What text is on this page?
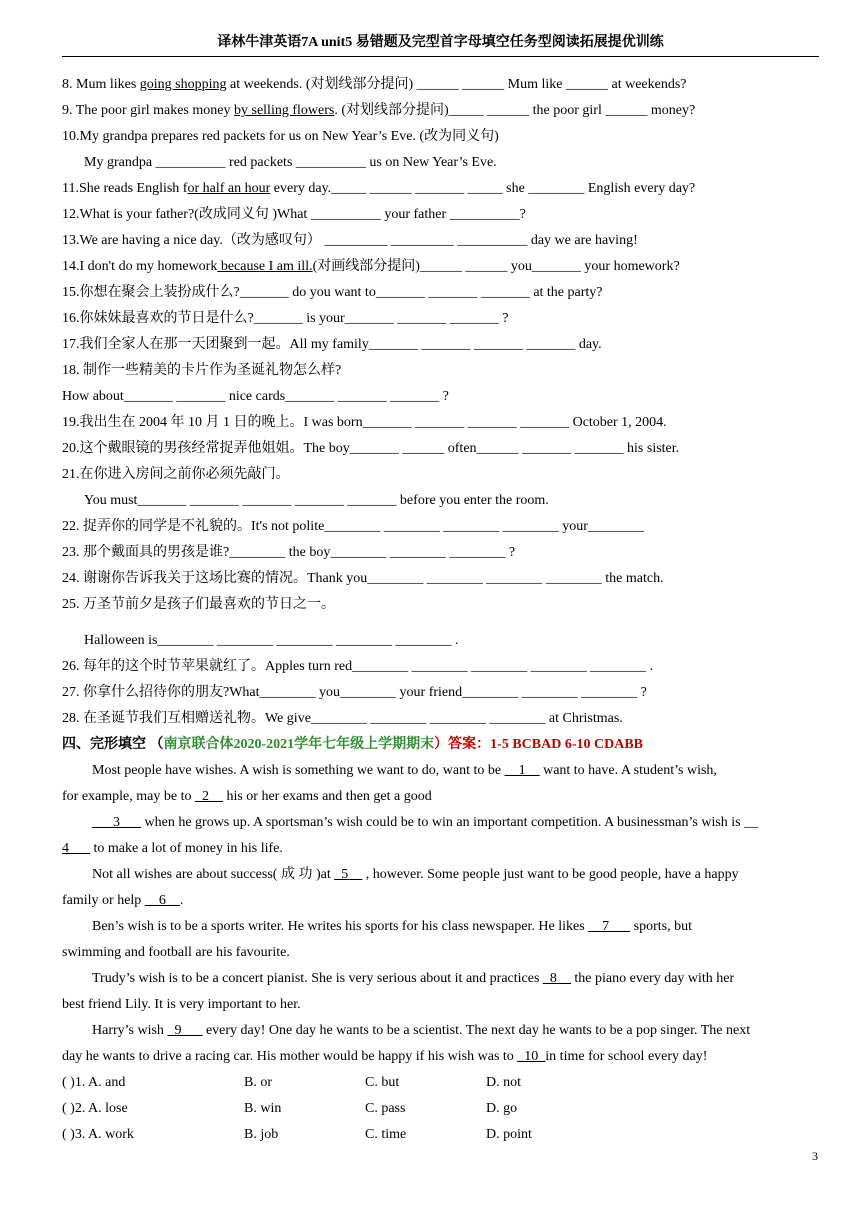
译林牛津英语7A unit5 易错题及完型首字母填空任务型阅读拓展提优训练
8. Mum likes going shopping at weekends. (对划线部分提问) ______ ______ Mum like ______ at weekends?
9. The poor girl makes money by selling flowers. (对划线部分提问)_____ ______ the poor girl ______ money?
10.My grandpa prepares red packets for us on New Year’s Eve. (改为同义句)
My grandpa __________ red packets __________ us on New Year’s Eve.
11.She reads English for half an hour every day._____ ______ _______ _____ she ________ English every day?
12.What is your father?(改成同义句 )What __________ your father __________?
13.We are having a nice day.（改为感叹句） _________ _________ __________ day we are having!
14.I don't do my homework because I am ill.(对画线部分提问)______ ______ you_______ your homework?
15.你想在聚会上装扮成什么?_______ do you want to_______ _______ _______ at the party?
16.你妹妹最喜欢的节日是什么?_______ is your_______ _______ _______ ?
17.我们全家人在那一天团聚到一起。All my family_______ _______ _______ _______ day.
18. 制作一些精美的卡片作为圣诞礼物怎么样?
How about_______ _______ nice cards_______ _______ _______ ?
19.我出生在 2004 年 10 月 1 日的晚上。I was born_______ _______ _______ _______ October 1, 2004.
20.这个戴眼镜的男孩经常捉弄他姐姐。The boy_______ ______ often______ _______ _______ his sister.
21.在你进入房间之前你必须先敲门。
You must_______ _______ _______ _______ _______ before you enter the room.
22. 捉弄你的同学是不礼貌的。It's not polite________ ________ ________ ________ your________
23. 那个戴面具的男孩是谁?________ the boy________ ________ ________ ?
24. 谢谢你告诉我关于这场比赛的情况。Thank you________ ________ ________ ________ the match.
25. 万圣节前夕是孩子们最喜欢的节日之一。
Halloween is________ ________ ________ ________ ________ .
26. 每年的这个时节苹果就红了。Apples turn red________ ________ ________ ________ ________ .
27. 你拿什么招待你的朋友?What________ you________ your friend________ ________ ________ ?
28. 在圣诞节我们互相赠送礼物。We give________ ________ ________ ________ at Christmas.
四、完形填空 （南京联合体2020-2021学年七年级上学期期末）答案：1-5 BCBAD 6-10 CDABB
Most people have wishes. A wish is something we want to do, want to be __1__ want to have. A student’s wish,
for example, may be to _2__ his or her exams and then get a good
___3___ when he grows up. A sportsman’s wish could be to win an important competition. A businessman’s wish is __
4___ to make a lot of money in his life.
Not all wishes are about success( 成 功 )at _5__ , however. Some people just want to be good people, have a happy
family or help __6__.
Ben’s wish is to be a sports writer. He writes his sports for his class newspaper. He likes __7___ sports, but
swimming and football are his favourite.
Trudy’s wish is to be a concert pianist. She is very serious about it and practices _8__ the piano every day with her
best friend Lily. It is very important to her.
Harry’s wish _9___ every day! One day he wants to be a scientist. The next day he wants to be a pop singer. The next
day he wants to drive a racing car. His mother would be happy if his wish was to _10_in time for school every day!
( )1. A. and	B. or	C. but	D. not
( )2. A. lose	B. win	C. pass	D. go
( )3. A. work	B. job	C. time	D. point
3
